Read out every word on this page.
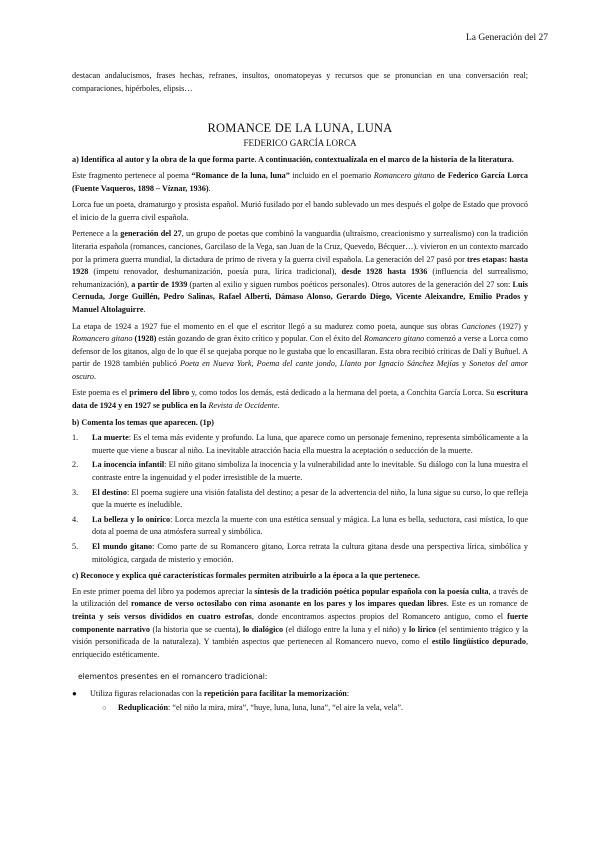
La Generación del 27

destacan andalucismos, frases hechas, refranes, insultos, onomatopeyas y recursos que se pronuncian en una conversación real; comparaciones, hipérboles, elipsis…

ROMANCE DE LA LUNA, LUNA
FEDERICO GARCÍA LORCA

a) Identifica al autor y la obra de la que forma parte. A continuación, contextualízala en el marco de la historia de la literatura.

Este fragmento pertenece al poema “Romance de la luna, luna” incluido en el poemario Romancero gitano de Federico García Lorca (Fuente Vaqueros, 1898 – Víznar, 1936).

Lorca fue un poeta, dramaturgo y prosista español. Murió fusilado por el bando sublevado un mes después el golpe de Estado que provocó el inicio de la guerra civil española.

Pertenece a la generación del 27, un grupo de poetas que combinó la vanguardia (ultraísmo, creacionismo y surrealismo) con la tradición literaria española (romances, canciones, Garcilaso de la Vega, san Juan de la Cruz, Quevedo, Bécquer…). vivieron en un contexto marcado por la primera guerra mundial, la dictadura de primo de rivera y la guerra civil española. La generación del 27 pasó por tres etapas: hasta 1928 (ímpetu renovador, deshumanización, poesía pura, lírica tradicional), desde 1928 hasta 1936 (influencia del surrealismo, rehumanización), a partir de 1939 (parten al exilio y siguen rumbos poéticos personales). Otros autores de la generación del 27 son: Luis Cernuda, Jorge Guillén, Pedro Salinas, Rafael Alberti, Dámaso Alonso, Gerardo Diego, Vicente Aleixandre, Emilio Prados y Manuel Altolaguirre.

La etapa de 1924 a 1927 fue el momento en el que el escritor llegó a su madurez como poeta, aunque sus obras Canciones (1927) y Romancero gitano (1928) están gozando de gran éxito crítico y popular. Con el éxito del Romancero gitano comenzó a verse a Lorca como defensor de los gitanos, algo de lo que él se quejaba porque no le gustaba que lo encasillaran. Esta obra recibió críticas de Dalí y Buñuel. A partir de 1928 también publicó Poeta en Nueva York, Poema del cante jondo, Llanto por Ignacio Sánchez Mejías y Sonetos del amor oscuro.

Este poema es el primero del libro y, como todos los demás, está dedicado a la hermana del poeta, a Conchita García Lorca. Su escritura data de 1924 y en 1927 se publica en la Revista de Occidente.

b) Comenta los temas que aparecen. (1p)

1. La muerte: Es el tema más evidente y profundo. La luna, que aparece como un personaje femenino, representa simbólicamente a la muerte que viene a buscar al niño. La inevitable atracción hacia ella muestra la aceptación o seducción de la muerte.
2. La inocencia infantil: El niño gitano simboliza la inocencia y la vulnerabilidad ante lo inevitable. Su diálogo con la luna muestra el contraste entre la ingenuidad y el poder irresistible de la muerte.
3. El destino: El poema sugiere una visión fatalista del destino; a pesar de la advertencia del niño, la luna sigue su curso, lo que refleja que la muerte es ineludible.
4. La belleza y lo onírico: Lorca mezcla la muerte con una estética sensual y mágica. La luna es bella, seductora, casi mística, lo que dota al poema de una atmósfera surreal y simbólica.
5. El mundo gitano: Como parte de su Romancero gitano, Lorca retrata la cultura gitana desde una perspectiva lírica, simbólica y mitológica, cargada de misterio y emoción.

c) Reconoce y explica qué características formales permiten atribuirlo a la época a la que pertenece.

En este primer poema del libro ya podemos apreciar la síntesis de la tradición poética popular española con la poesía culta, a través de la utilización del romance de verso octosílabo con rima asonante en los pares y los impares quedan libres. Este es un romance de treinta y seis versos divididos en cuatro estrofas, donde encontramos aspectos propios del Romancero antiguo, como el fuerte componente narrativo (la historia que se cuenta), lo dialógico (el diálogo entre la luna y el niño) y lo lírico (el sentimiento trágico y la visión personificada de la naturaleza). Y también aspectos que pertenecen al Romancero nuevo, como el estilo lingüístico depurado, enriquecido estéticamente.

elementos presentes en el romancero tradicional:
● Utiliza figuras relacionadas con la repetición para facilitar la memorización:
○ Reduplicación: “el niño la mira, mira”, “huye, luna, luna, luna”, “el aire la vela, vela”.
